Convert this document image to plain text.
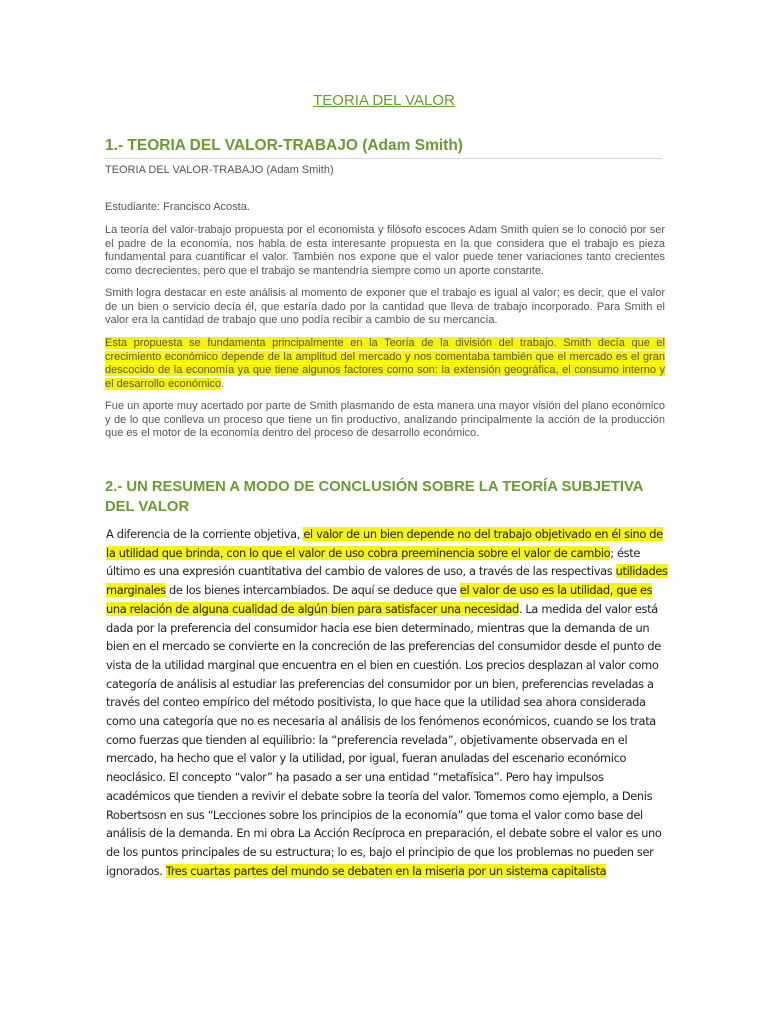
TEORIA DEL VALOR
1.- TEORIA DEL VALOR-TRABAJO (Adam Smith)

TEORIA DEL VALOR-TRABAJO (Adam Smith)

Estudiante: Francisco Acosta.

La teoría del valor-trabajo propuesta por el economista y filósofo escoces Adam Smith quien se lo conoció por ser el padre de la economía, nos habla de esta interesante propuesta en la que considera que el trabajo es pieza fundamental para cuantificar el valor. También nos expone que el valor puede tener variaciones tanto crecientes como decrecientes, pero que el trabajo se mantendría siempre como un aporte constante.

Smith logra destacar en este análisis al momento de exponer que el trabajo es igual al valor; es decir, que el valor de un bien o servicio decía él, que estaría dado por la cantidad que lleva de trabajo incorporado. Para Smith el valor era la cantidad de trabajo que uno podía recibir a cambio de su mercancía.

Esta propuesta se fundamenta principalmente en la Teoría de la división del trabajo. Smith decía que el crecimiento económico depende de la amplitud del mercado y nos comentaba también que el mercado es el gran descocido de la economía ya que tiene algunos factores como son: la extensión geográfica, el consumo interno y el desarrollo económico.

Fue un aporte muy acertado por parte de Smith plasmando de esta manera una mayor visión del plano económico y de lo que conlleva un proceso que tiene un fin productivo, analizando principalmente la acción de la producción que es el motor de la economía dentro del proceso de desarrollo económico.

2.- UN RESUMEN A MODO DE CONCLUSIÓN SOBRE LA TEORÍA SUBJETIVA DEL VALOR

A diferencia de la corriente objetiva, el valor de un bien depende no del trabajo objetivado en él sino de la utilidad que brinda, con lo que el valor de uso cobra preeminencia sobre el valor de cambio; éste último es una expresión cuantitativa del cambio de valores de uso, a través de las respectivas utilidades marginales de los bienes intercambiados. De aquí se deduce que el valor de uso es la utilidad, que es una relación de alguna cualidad de algún bien para satisfacer una necesidad. La medida del valor está dada por la preferencia del consumidor hacia ese bien determinado, mientras que la demanda de un bien en el mercado se convierte en la concreción de las preferencias del consumidor desde el punto de vista de la utilidad marginal que encuentra en el bien en cuestión. Los precios desplazan al valor como categoría de análisis al estudiar las preferencias del consumidor por un bien, preferencias reveladas a través del conteo empírico del método positivista, lo que hace que la utilidad sea ahora considerada como una categoría que no es necesaria al análisis de los fenómenos económicos, cuando se los trata como fuerzas que tienden al equilibrio: la “preferencia revelada”, objetivamente observada en el mercado, ha hecho que el valor y la utilidad, por igual, fueran anuladas del escenario económico neoclásico. El concepto “valor” ha pasado a ser una entidad “metafísica”. Pero hay impulsos académicos que tienden a revivir el debate sobre la teoría del valor. Tomemos como ejemplo, a Denis Robertsosn en sus “Lecciones sobre los principios de la economía” que toma el valor como base del análisis de la demanda. En mi obra La Acción Recíproca en preparación, el debate sobre el valor es uno de los puntos principales de su estructura; lo es, bajo el principio de que los problemas no pueden ser ignorados. Tres cuartas partes del mundo se debaten en la miseria por un sistema capitalista
